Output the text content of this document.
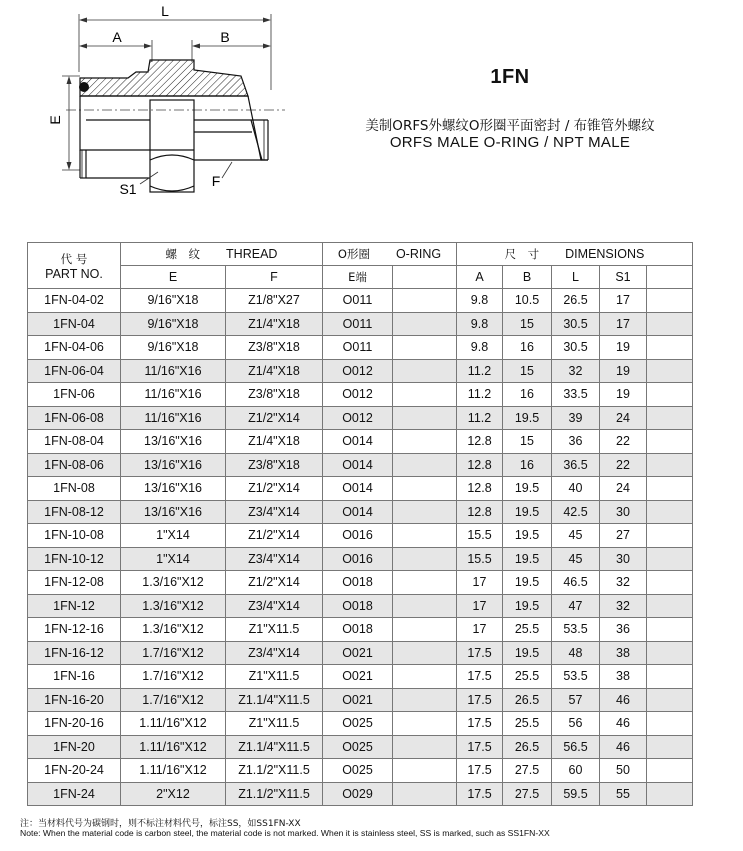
L
A	B
E
S1	F
1FN
美制ORFS外螺纹O形圈平面密封 / 布锥管外螺纹
ORFS MALE O-RING / NPT MALE
代 号
PART NO.	螺　纹 THREAD		O形圈 O-RING		尺　寸 DIMENSIONS				
	E	F	E端		A	B	L	S1	
1FN-04-02	9/16"X18	Z1/8"X27	O011		9.8	10.5	26.5	17	
1FN-04	9/16"X18	Z1/4"X18	O011		9.8	15	30.5	17	
1FN-04-06	9/16"X18	Z3/8"X18	O011		9.8	16	30.5	19	
1FN-06-04	11/16"X16	Z1/4"X18	O012		11.2	15	32	19	
1FN-06	11/16"X16	Z3/8"X18	O012		11.2	16	33.5	19	
1FN-06-08	11/16"X16	Z1/2"X14	O012		11.2	19.5	39	24	
1FN-08-04	13/16"X16	Z1/4"X18	O014		12.8	15	36	22	
1FN-08-06	13/16"X16	Z3/8"X18	O014		12.8	16	36.5	22	
1FN-08	13/16"X16	Z1/2"X14	O014		12.8	19.5	40	24	
1FN-08-12	13/16"X16	Z3/4"X14	O014		12.8	19.5	42.5	30	
1FN-10-08	1"X14	Z1/2"X14	O016		15.5	19.5	45	27	
1FN-10-12	1"X14	Z3/4"X14	O016		15.5	19.5	45	30	
1FN-12-08	1.3/16"X12	Z1/2"X14	O018		17	19.5	46.5	32	
1FN-12	1.3/16"X12	Z3/4"X14	O018		17	19.5	47	32	
1FN-12-16	1.3/16"X12	Z1"X11.5	O018		17	25.5	53.5	36	
1FN-16-12	1.7/16"X12	Z3/4"X14	O021		17.5	19.5	48	38	
1FN-16	1.7/16"X12	Z1"X11.5	O021		17.5	25.5	53.5	38	
1FN-16-20	1.7/16"X12	Z1.1/4"X11.5	O021		17.5	26.5	57	46	
1FN-20-16	1.11/16"X12	Z1"X11.5	O025		17.5	25.5	56	46	
1FN-20	1.11/16"X12	Z1.1/4"X11.5	O025		17.5	26.5	56.5	46	
1FN-20-24	1.11/16"X12	Z1.1/2"X11.5	O025		17.5	27.5	60	50	
1FN-24	2"X12	Z1.1/2"X11.5	O029		17.5	27.5	59.5	55	
注：当材料代号为碳钢时，则不标注材料代号，标注SS，如SS1FN-XX
Note: When the material code is carbon steel, the material code is not marked. When it is stainless steel, SS is marked, such as SS1FN-XX
